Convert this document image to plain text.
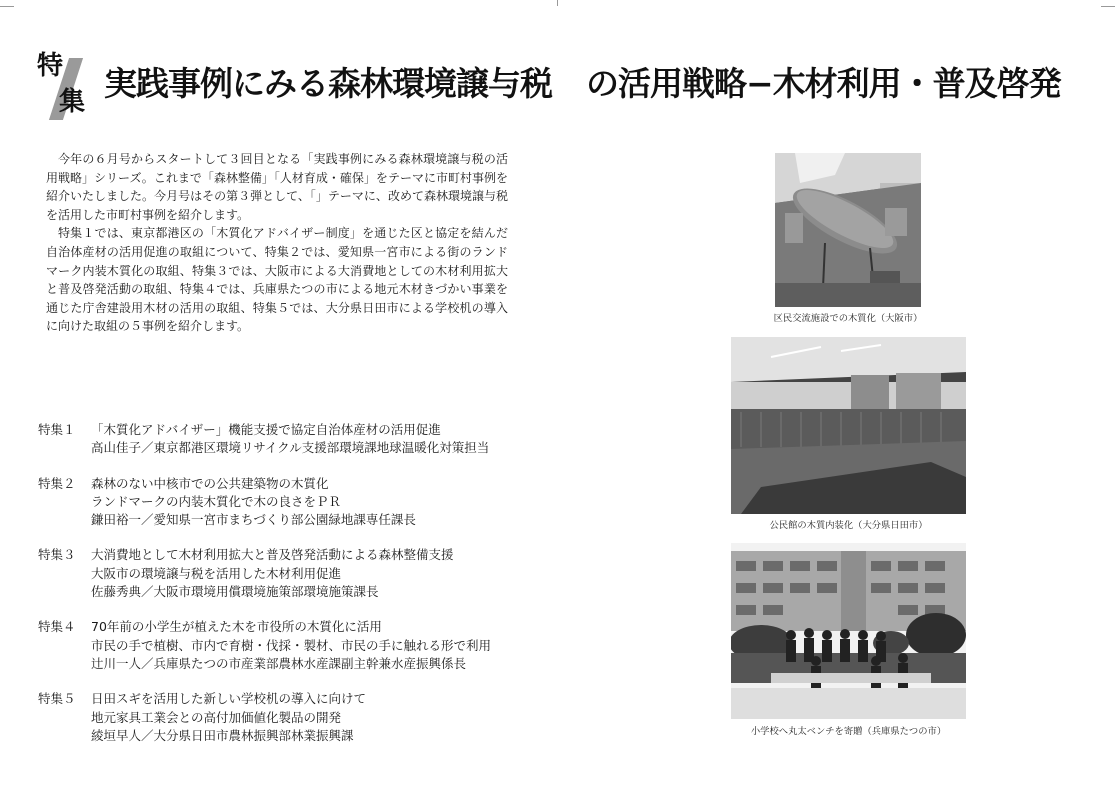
特
集 実践事例にみる森林環境譲与税 の活用戦略−木材利用・普及啓発

今年の６月号からスタートして３回目となる「実践事例にみる森林環境譲与税の活用戦略」シリーズ。これまで「森林整備」「人材育成・確保」をテーマに市町村事例を紹介いたしました。今月号はその第３弾として、「」テーマに、改めて森林環境譲与税を活用した市町村事例を紹介します。

特集１では、東京都港区の「木質化アドバイザー制度」を通じた区と協定を結んだ自治体産材の活用促進の取組について、特集２では、愛知県一宮市による街のランドマーク内装木質化の取組、特集３では、大阪市による大消費地としての木材利用拡大と普及啓発活動の取組、特集４では、兵庫県たつの市による地元木材きづかい事業を通じた庁舎建設用木材の活用の取組、特集５では、大分県日田市による学校机の導入に向けた取組の５事例を紹介します。

特集１	「木質化アドバイザー」機能支援で協定自治体産材の活用促進
高山佳子／東京都港区環境リサイクル支援部環境課地球温暖化対策担当
特集２	森林のない中核市での公共建築物の木質化
ランドマークの内装木質化で木の良さをＰＲ
鎌田裕一／愛知県一宮市まちづくり部公園緑地課専任課長
特集３	大消費地として木材利用拡大と普及啓発活動による森林整備支援
大阪市の環境譲与税を活用した木材利用促進
佐藤秀典／大阪市環境用償環境施策部環境施策課長
特集４	70年前の小学生が植えた木を市役所の木質化に活用
市民の手で植樹、市内で育樹・伐採・製材、市民の手に触れる形で利用
辻川一人／兵庫県たつの市産業部農林水産課副主幹兼水産振興係長
特集５	日田スギを活用した新しい学校机の導入に向けて
地元家具工業会との高付加価値化製品の開発
綾垣早人／大分県日田市農林振興部林業振興課
区民交流施設での木質化（大阪市）
公民館の木質内装化（大分県日田市）
小学校へ丸太ベンチを寄贈（兵庫県たつの市）
